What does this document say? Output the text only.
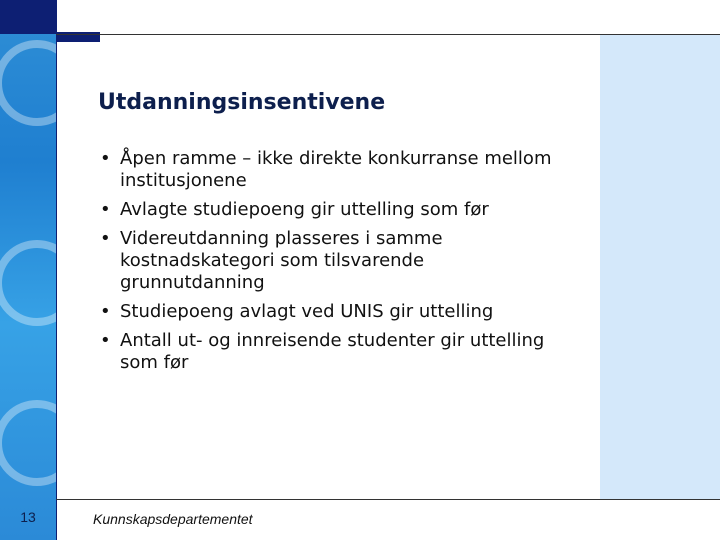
Utdanningsinsentivene
• Åpen ramme – ikke direkte konkurranse mellom institusjonene
• Avlagte studiepoeng gir uttelling som før
• Videreutdanning plasseres i samme kostnadskategori som tilsvarende grunnutdanning
• Studiepoeng avlagt ved UNIS gir uttelling
• Antall ut- og innreisende studenter gir uttelling som før
13	Kunnskapsdepartementet
